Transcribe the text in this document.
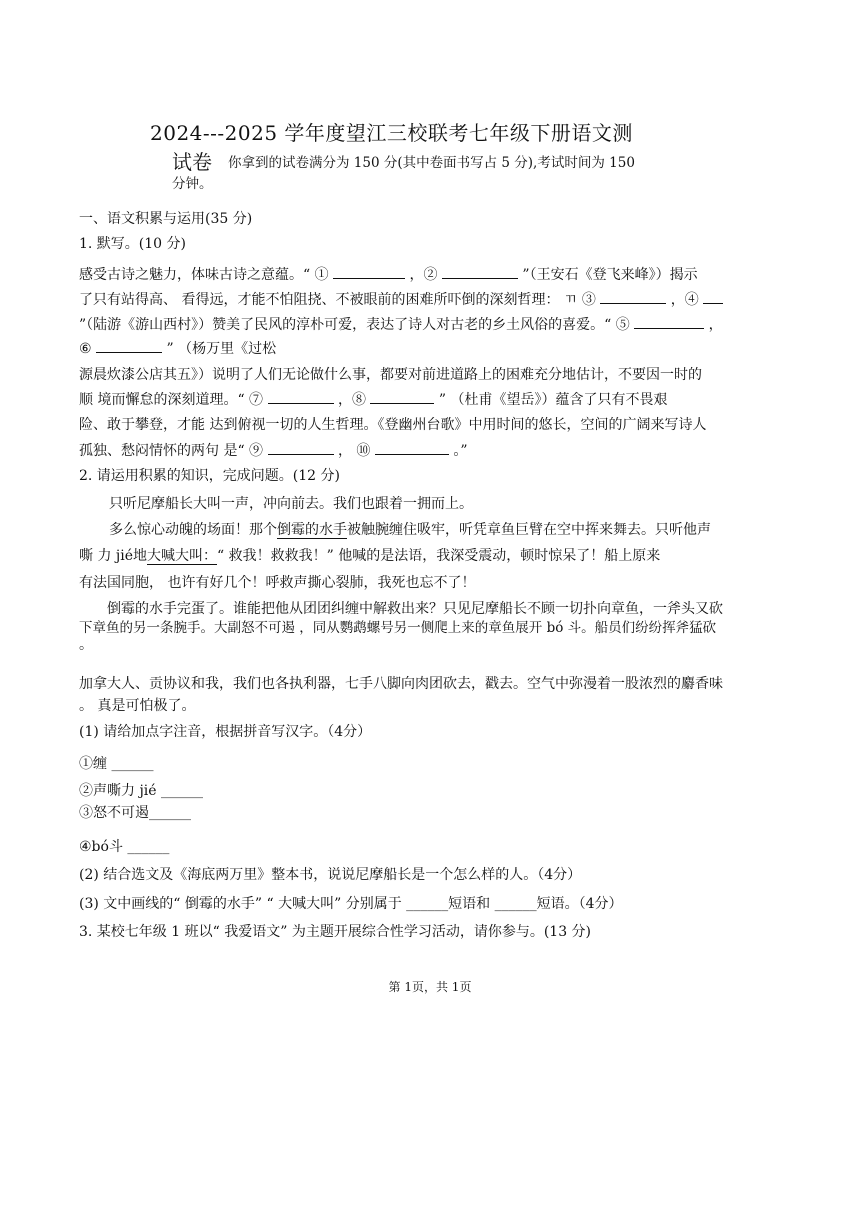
2024---2025 学年度望江三校联考七年级下册语文测
试卷 你拿到的试卷满分为 150 分(其中卷面书写占 5 分),考试时间为 150
分钟。
一、语文积累与运用(35 分)
1. 默写。(10 分)
感受古诗之魅力，体味古诗之意蕴。“ ①	，②	”（王安石《登飞来峰》）揭示
了只有站得高、 看得远，才能不怕阻挠、不被眼前的困难所吓倒的深刻哲理： ㄲ ③	，④
”（陆游《游山西村》）赞美了民风的淳朴可爱，表达了诗人对古老的乡土风俗的喜爱。“ ⑤	，
⑥	” （杨万里《过松
源晨炊漆公店其五》）说明了人们无论做什么事，都要对前进道路上的困难充分地估计，不要因一时的
顺 境而懈怠的深刻道理。“ ⑦	，⑧	” （杜甫《望岳》）蕴含了只有不畏艰
险、敢于攀登，才能 达到俯视一切的人生哲理。《登幽州台歌》中用时间的悠长，空间的广阔来写诗人
孤独、愁闷情怀的两句 是“ ⑨	， ⑩	。”
2. 请运用积累的知识，完成问题。(12 分)
只听尼摩船长大叫一声，冲向前去。我们也跟着一拥而上。
多么惊心动魄的场面！那个倒霉的水手被触腕缠住吸牢，听凭章鱼巨臂在空中挥来舞去。只听他声
嘶 力 jié地大喊大叫：“ 救我！救救我！” 他喊的是法语，我深受震动，顿时惊呆了！船上原来
有法国同胞， 也许有好几个！呼救声撕心裂肺，我死也忘不了！
倒霉的水手完蛋了。谁能把他从团团纠缠中解救出来？只见尼摩船长不顾一切扑向章鱼，一斧头又砍
下章鱼的另一条腕手。大副怒不可遏 ，同从鹦鹉螺号另一侧爬上来的章鱼展开 bó 斗。船员们纷纷挥斧猛砍
。
加拿大人、贡协议和我，我们也各执利器，七手八脚向肉团砍去，戳去。空气中弥漫着一股浓烈的麝香味
。 真是可怕极了。
(1) 请给加点字注音，根据拼音写汉字。（4分）
①缠 ______
②声嘶力 jié ______
③怒不可遏______
④bó斗 ______
(2) 结合选文及《海底两万里》整本书，说说尼摩船长是一个怎么样的人。（4分）
(3) 文中画线的“ 倒霉的水手” “ 大喊大叫” 分别属于 ______短语和 ______短语。（4分）
3. 某校七年级 1 班以“ 我爱语文” 为主题开展综合性学习活动，请你参与。(13 分)
第 1页，共 1页
